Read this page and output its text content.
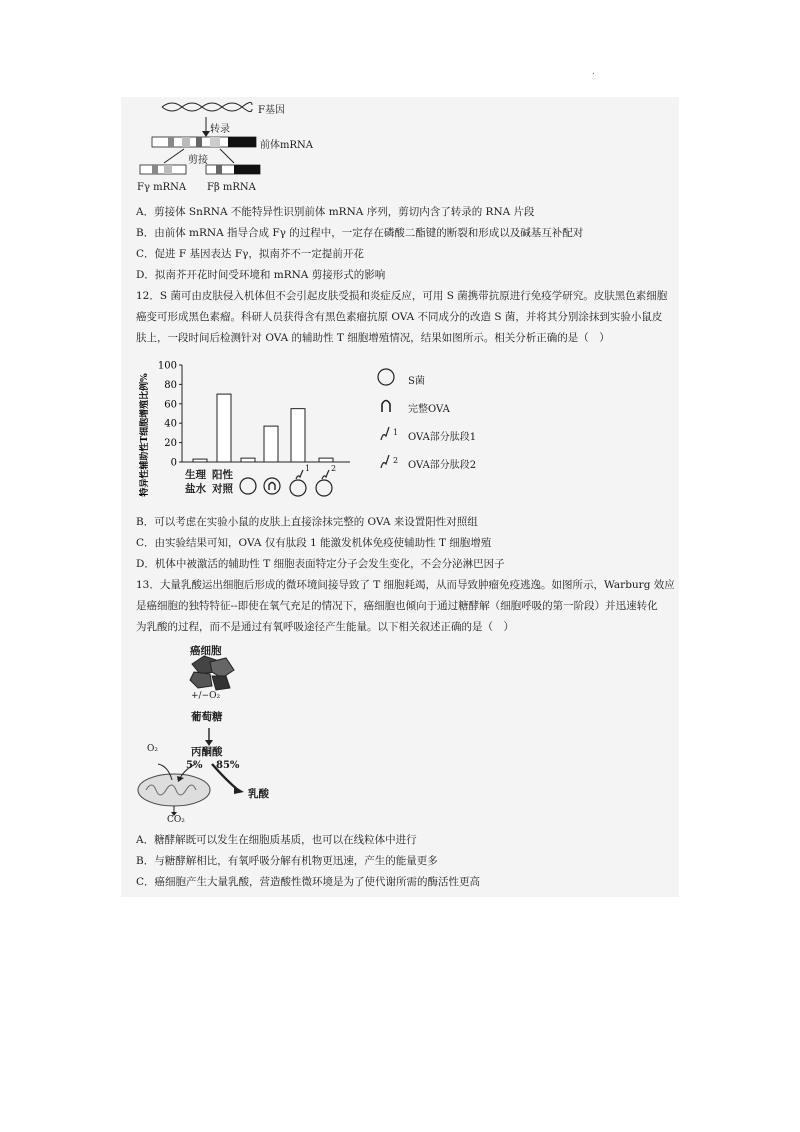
.
F基因
转录
前体mRNA
剪接
Fγ mRNA Fβ mRNA
A．剪接体 SnRNA 不能特异性识别前体 mRNA 序列，剪切内含了转录的 RNA 片段
B．由前体 mRNA 指导合成 Fγ 的过程中，一定存在磷酸二酯键的断裂和形成以及碱基互补配对
C．促进 F 基因表达 Fγ，拟南芥不一定提前开花
D．拟南芥开花时间受环境和 mRNA 剪接形式的影响
12．S 菌可由皮肤侵入机体但不会引起皮肤受损和炎症反应，可用 S 菌携带抗原进行免疫学研究。皮肤黑色素细胞
癌变可形成黑色素瘤。科研人员获得含有黑色素瘤抗原 OVA 不同成分的改造 S 菌，并将其分别涂抹到实验小鼠皮
肤上，一段时间后检测针对 OVA 的辅助性 T 细胞增殖情况，结果如图所示。相关分析正确的是（　）
特异性辅助性T细胞增殖比例% 0
20
40
60
80
100
生理
盐水
阳性
对照
1	2
S菌
完整OVA
1 OVA部分肽段1
2 OVA部分肽段2
B．可以考虑在实验小鼠的皮肤上直接涂抹完整的 OVA 来设置阳性对照组
C．由实验结果可知，OVA 仅有肽段 1 能激发机体免疫使辅助性 T 细胞增殖
D．机体中被激活的辅助性 T 细胞表面特定分子会发生变化，不会分泌淋巴因子
13．大量乳酸运出细胞后形成的微环境间接导致了 T 细胞耗竭，从而导致肿瘤免疫逃逸。如图所示，Warburg 效应
是癌细胞的独特特征--即使在氧气充足的情况下，癌细胞也倾向于通过糖酵解（细胞呼吸的第一阶段）并迅速转化
为乳酸的过程，而不是通过有氧呼吸途径产生能量。以下相关叙述正确的是（　）
癌细胞
+/−O₂
葡萄糖
O₂	丙酮酸
5% 85%
乳酸
CO₂
A．糖酵解既可以发生在细胞质基质，也可以在线粒体中进行
B．与糖酵解相比，有氧呼吸分解有机物更迅速，产生的能量更多
C．癌细胞产生大量乳酸，营造酸性微环境是为了使代谢所需的酶活性更高
